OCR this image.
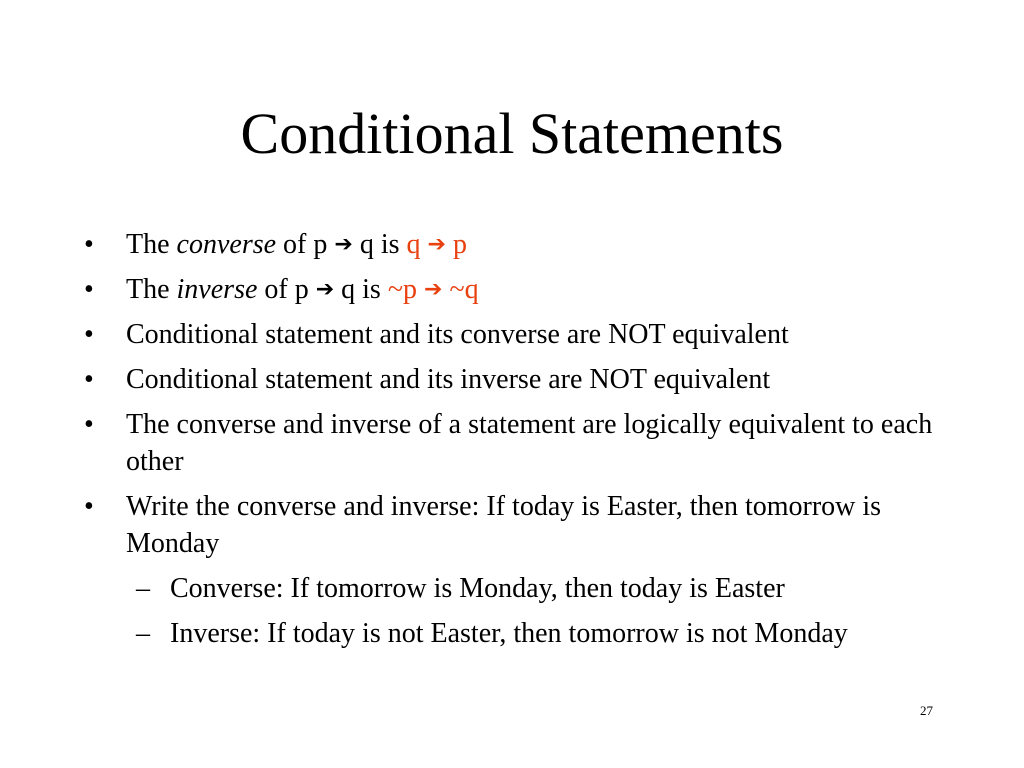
Conditional Statements
• The converse of p ➔ q is q ➔ p
• The inverse of p ➔ q is ~p ➔ ~q
• Conditional statement and its converse are NOT equivalent
• Conditional statement and its inverse are NOT equivalent
• The converse and inverse of a statement are logically equivalent to each other
• Write the converse and inverse: If today is Easter, then tomorrow is Monday
– Converse: If tomorrow is Monday, then today is Easter
– Inverse: If today is not Easter, then tomorrow is not Monday
27
